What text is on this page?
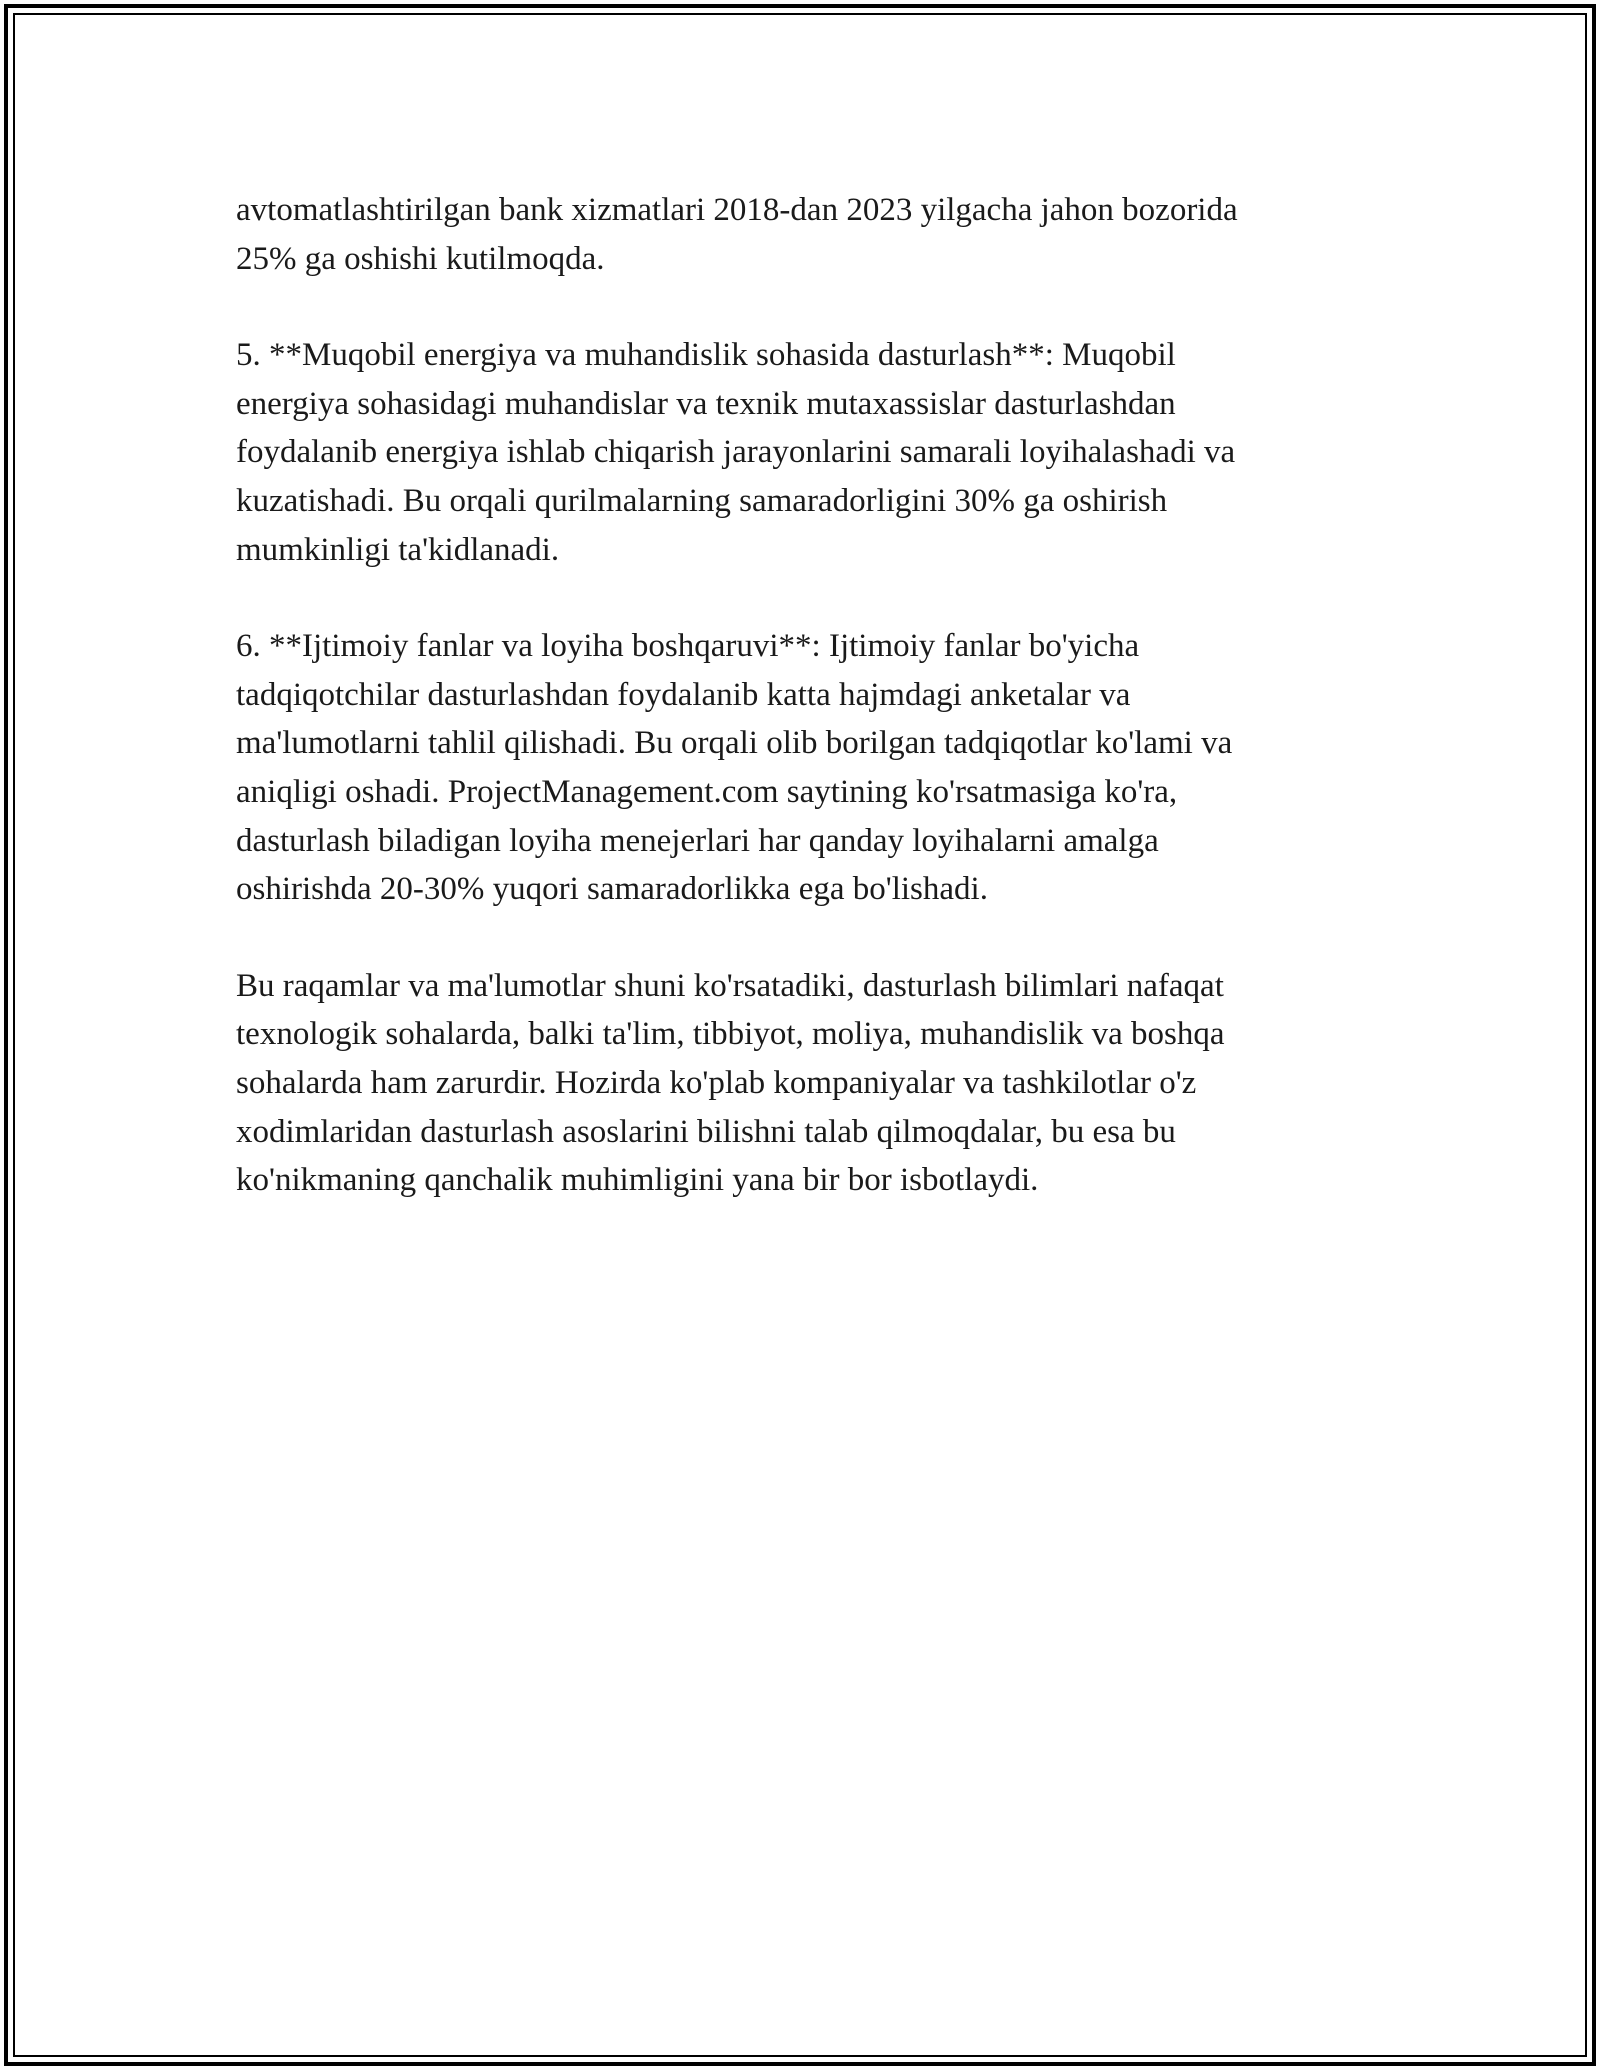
avtomatlashtirilgan bank xizmatlari 2018-dan 2023 yilgacha jahon bozorida
25% ga oshishi kutilmoqda.

5. **Muqobil energiya va muhandislik sohasida dasturlash**: Muqobil
energiya sohasidagi muhandislar va texnik mutaxassislar dasturlashdan
foydalanib energiya ishlab chiqarish jarayonlarini samarali loyihalashadi va
kuzatishadi. Bu orqali qurilmalarning samaradorligini 30% ga oshirish
mumkinligi ta'kidlanadi.

6. **Ijtimoiy fanlar va loyiha boshqaruvi**: Ijtimoiy fanlar bo'yicha
tadqiqotchilar dasturlashdan foydalanib katta hajmdagi anketalar va
ma'lumotlarni tahlil qilishadi. Bu orqali olib borilgan tadqiqotlar ko'lami va
aniqligi oshadi. ProjectManagement.com saytining ko'rsatmasiga ko'ra,
dasturlash biladigan loyiha menejerlari har qanday loyihalarni amalga
oshirishda 20-30% yuqori samaradorlikka ega bo'lishadi.

Bu raqamlar va ma'lumotlar shuni ko'rsatadiki, dasturlash bilimlari nafaqat
texnologik sohalarda, balki ta'lim, tibbiyot, moliya, muhandislik va boshqa
sohalarda ham zarurdir. Hozirda ko'plab kompaniyalar va tashkilotlar o'z
xodimlaridan dasturlash asoslarini bilishni talab qilmoqdalar, bu esa bu
ko'nikmaning qanchalik muhimligini yana bir bor isbotlaydi.
